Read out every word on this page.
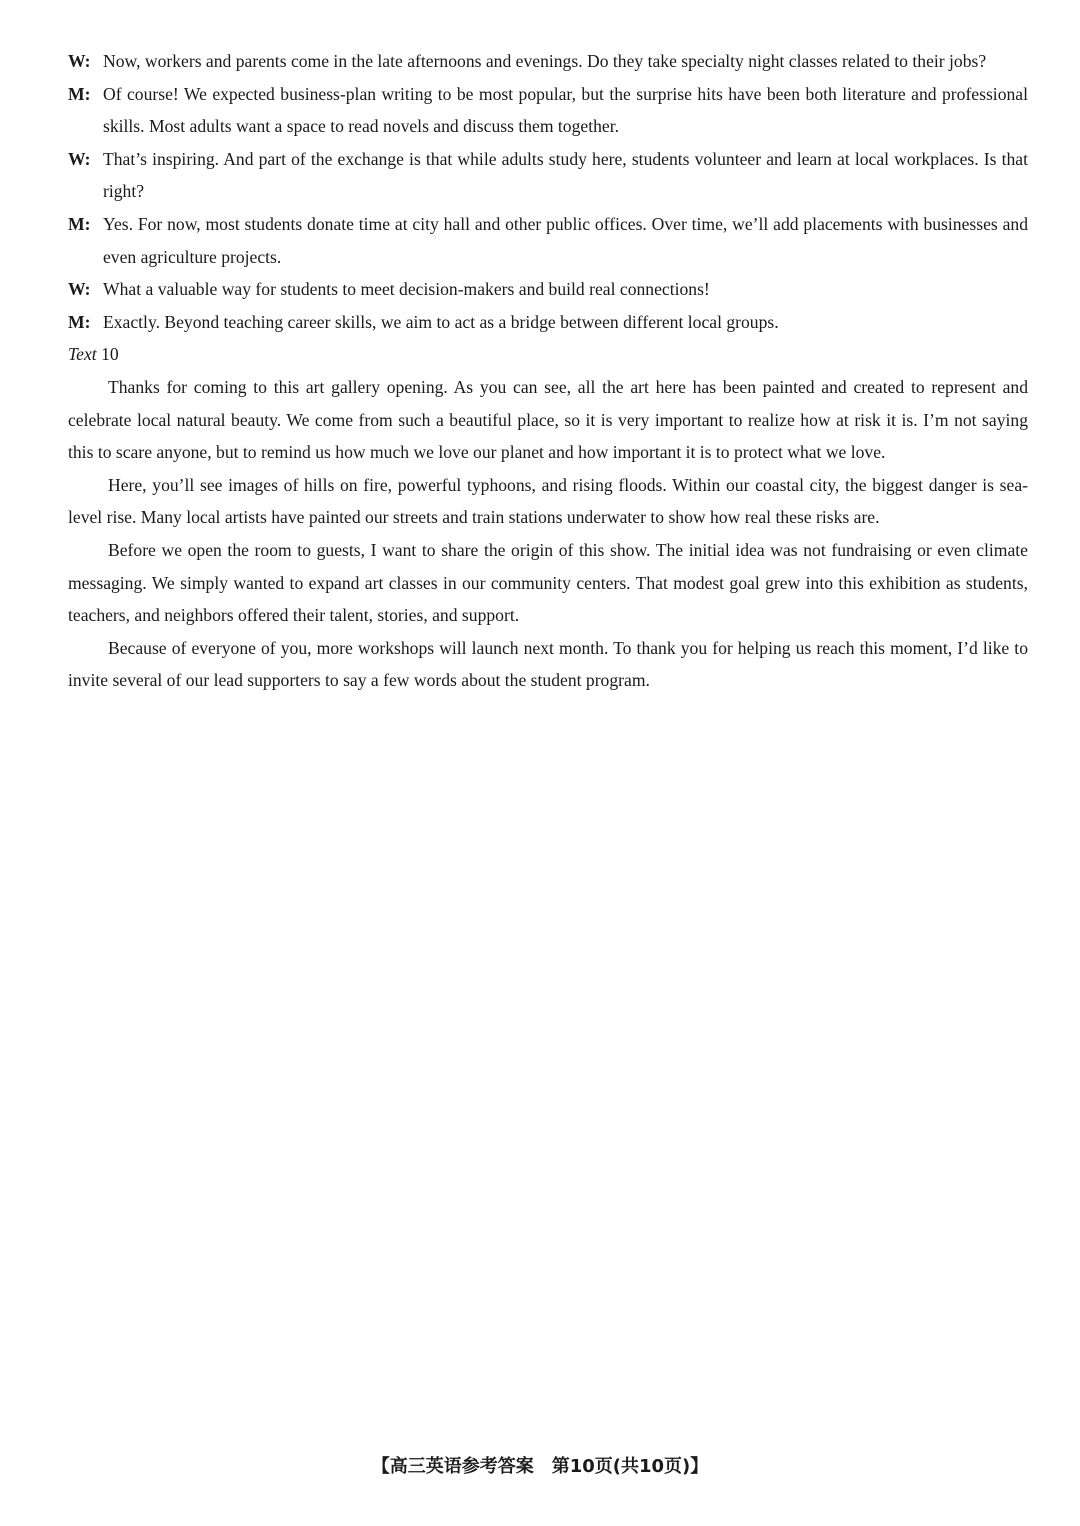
W: Now, workers and parents come in the late afternoons and evenings. Do they take specialty night classes related to their jobs?

M: Of course! We expected business-plan writing to be most popular, but the surprise hits have been both literature and professional skills. Most adults want a space to read novels and discuss them together.

W: That’s inspiring. And part of the exchange is that while adults study here, students volunteer and learn at local workplaces. Is that right?

M: Yes. For now, most students donate time at city hall and other public offices. Over time, we’ll add placements with businesses and even agriculture projects.

W: What a valuable way for students to meet decision-makers and build real connections!

M: Exactly. Beyond teaching career skills, we aim to act as a bridge between different local groups.

Text 10

Thanks for coming to this art gallery opening. As you can see, all the art here has been painted and created to represent and celebrate local natural beauty. We come from such a beautiful place, so it is very important to realize how at risk it is. I’m not saying this to scare anyone, but to remind us how much we love our planet and how important it is to protect what we love.

Here, you’ll see images of hills on fire, powerful typhoons, and rising floods. Within our coastal city, the biggest danger is sea-level rise. Many local artists have painted our streets and train stations underwater to show how real these risks are.

Before we open the room to guests, I want to share the origin of this show. The initial idea was not fundraising or even climate messaging. We simply wanted to expand art classes in our community centers. That modest goal grew into this exhibition as students, teachers, and neighbors offered their talent, stories, and support.

Because of everyone of you, more workshops will launch next month. To thank you for helping us reach this moment, I’d like to invite several of our lead supporters to say a few words about the student program.

【高三英语参考答案　第10页(共10页)】
